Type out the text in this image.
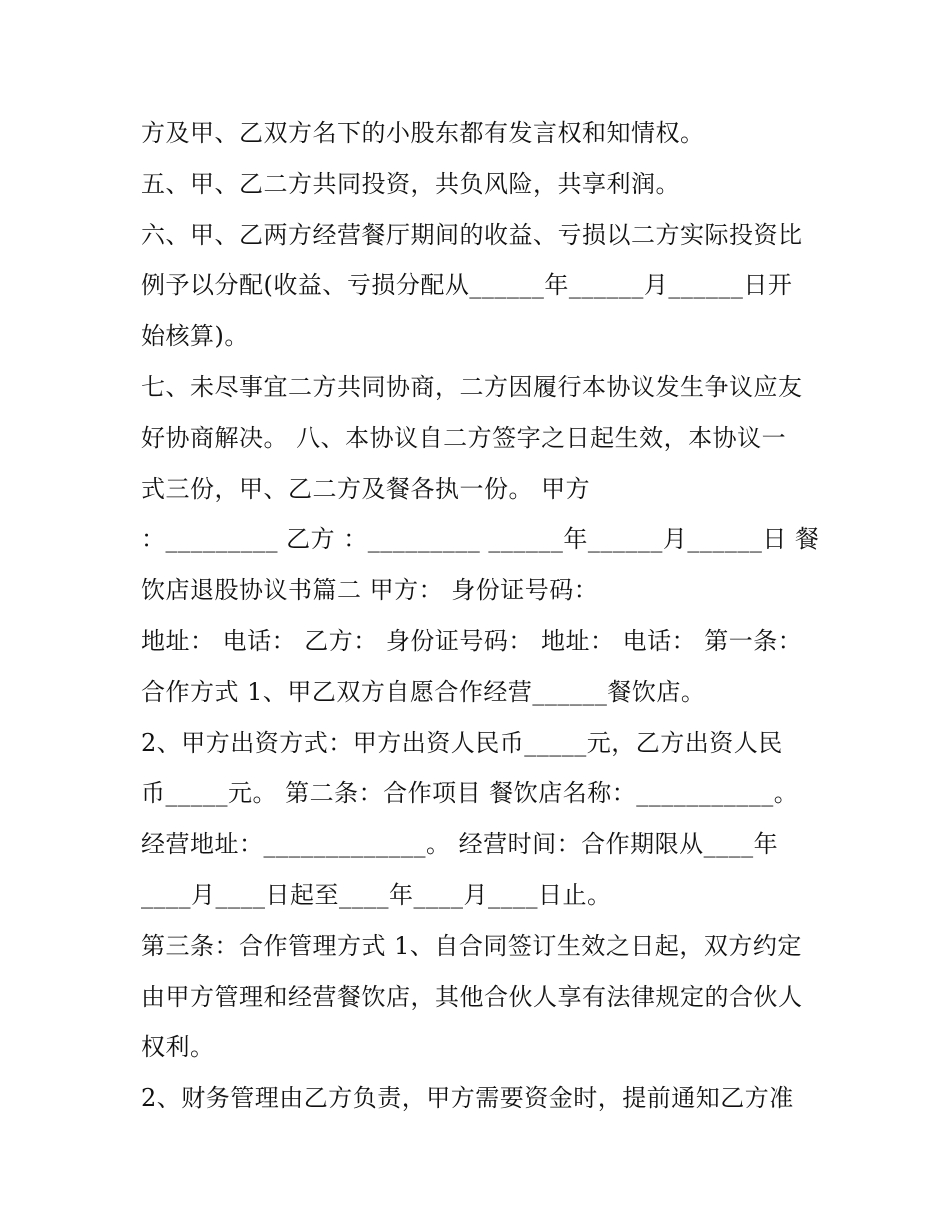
方及甲、乙双方名下的小股东都有发言权和知情权。
五、甲、乙二方共同投资，共负风险，共享利润。
六、甲、乙两方经营餐厅期间的收益、亏损以二方实际投资比
例予以分配(收益、亏损分配从______年______月______日开
始核算)。
七、未尽事宜二方共同协商，二方因履行本协议发生争议应友
好协商解决。 八、本协议自二方签字之日起生效，本协议一
式三份，甲、乙二方及餐各执一份。 甲方
：_________ 乙方 ：_________ ______年______月______日 餐
饮店退股协议书篇二 甲方： 身份证号码：
地址： 电话： 乙方： 身份证号码： 地址： 电话： 第一条：
合作方式 1、甲乙双方自愿合作经营______餐饮店。
2、甲方出资方式：甲方出资人民币_____元，乙方出资人民
币_____元。 第二条：合作项目 餐饮店名称：___________。
经营地址：_____________。 经营时间：合作期限从____年
____月____日起至____年____月____日止。
第三条：合作管理方式 1、自合同签订生效之日起，双方约定
由甲方管理和经营餐饮店，其他合伙人享有法律规定的合伙人
权利。
2、财务管理由乙方负责，甲方需要资金时，提前通知乙方准
